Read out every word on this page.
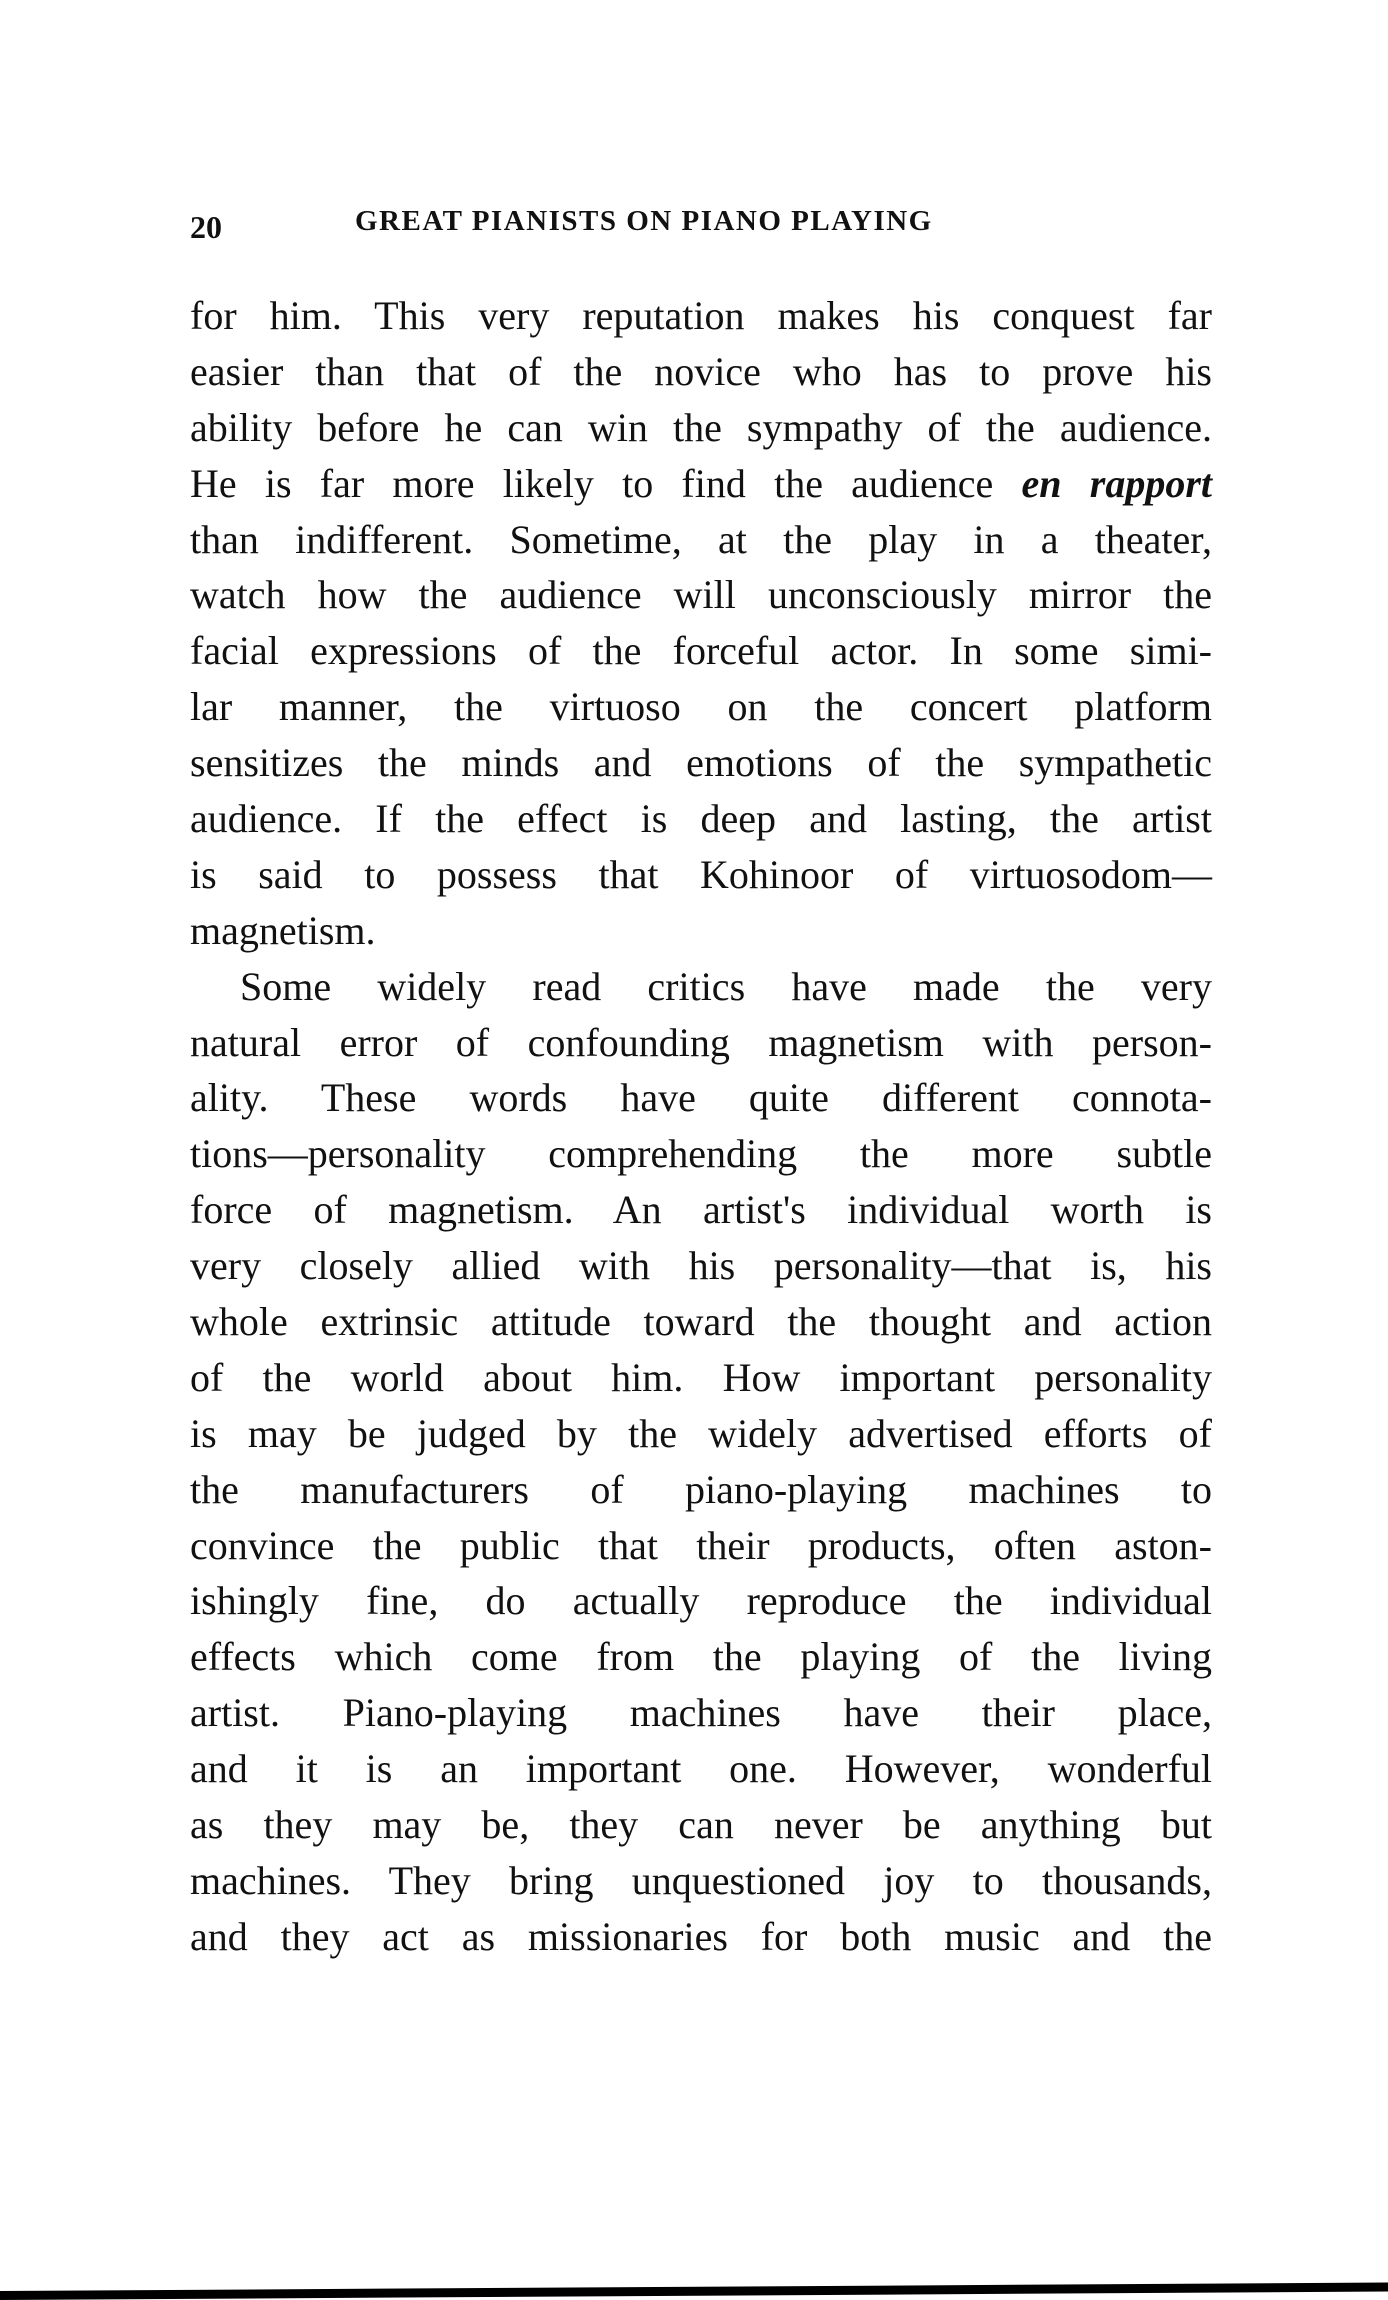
20	GREAT PIANISTS ON PIANO PLAYING
for him. This very reputation makes his conquest far
easier than that of the novice who has to prove his
ability before he can win the sympathy of the audience.
He is far more likely to find the audience en rapport
than indifferent. Sometime, at the play in a theater,
watch how the audience will unconsciously mirror the
facial expressions of the forceful actor. In some simi-
lar manner, the virtuoso on the concert platform
sensitizes the minds and emotions of the sympathetic
audience. If the effect is deep and lasting, the artist
is said to possess that Kohinoor of virtuosodom—
magnetism.
Some widely read critics have made the very
natural error of confounding magnetism with person-
ality. These words have quite different connota-
tions—personality comprehending the more subtle
force of magnetism. An artist's individual worth is
very closely allied with his personality—that is, his
whole extrinsic attitude toward the thought and action
of the world about him. How important personality
is may be judged by the widely advertised efforts of
the manufacturers of piano-playing machines to
convince the public that their products, often aston-
ishingly fine, do actually reproduce the individual
effects which come from the playing of the living
artist. Piano-playing machines have their place,
and it is an important one. However, wonderful
as they may be, they can never be anything but
machines. They bring unquestioned joy to thousands,
and they act as missionaries for both music and the
